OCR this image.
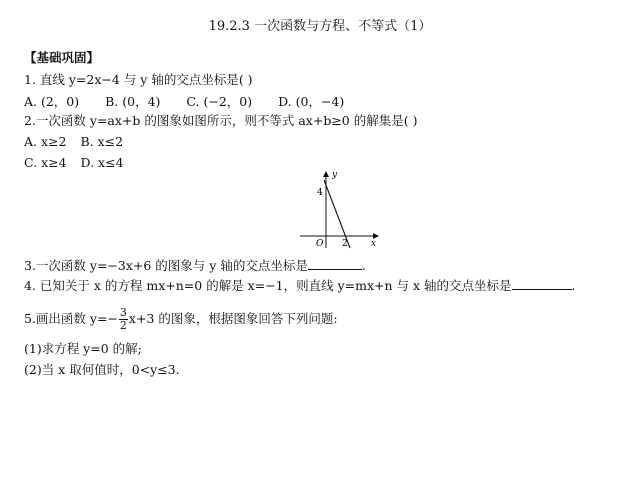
19.2.3 一次函数与方程、不等式（1）
【基础巩固】
1. 直线 y=2x−4 与 y 轴的交点坐标是( )
A. (2，0) B. (0，4) C. (−2，0) D. (0，−4)
2.一次函数 y=ax+b 的图象如图所示，则不等式 ax+b≥0 的解集是( )
A. x≥2 B. x≤2
C. x≥4 D. x≤4
y
x
O 2
4
3.一次函数 y=−3x+6 的图象与 y 轴的交点坐标是	.
4. 已知关于 x 的方程 mx+n=0 的解是 x=−1，则直线 y=mx+n 与 x 轴的交点坐标是	.
5.画出函数 $y=- \frac{3}{2} x+3$ 的图象，根据图象回答下列问题:
(1)求方程 y=0 的解;
(2)当 x 取何值时，0<y≤3.
